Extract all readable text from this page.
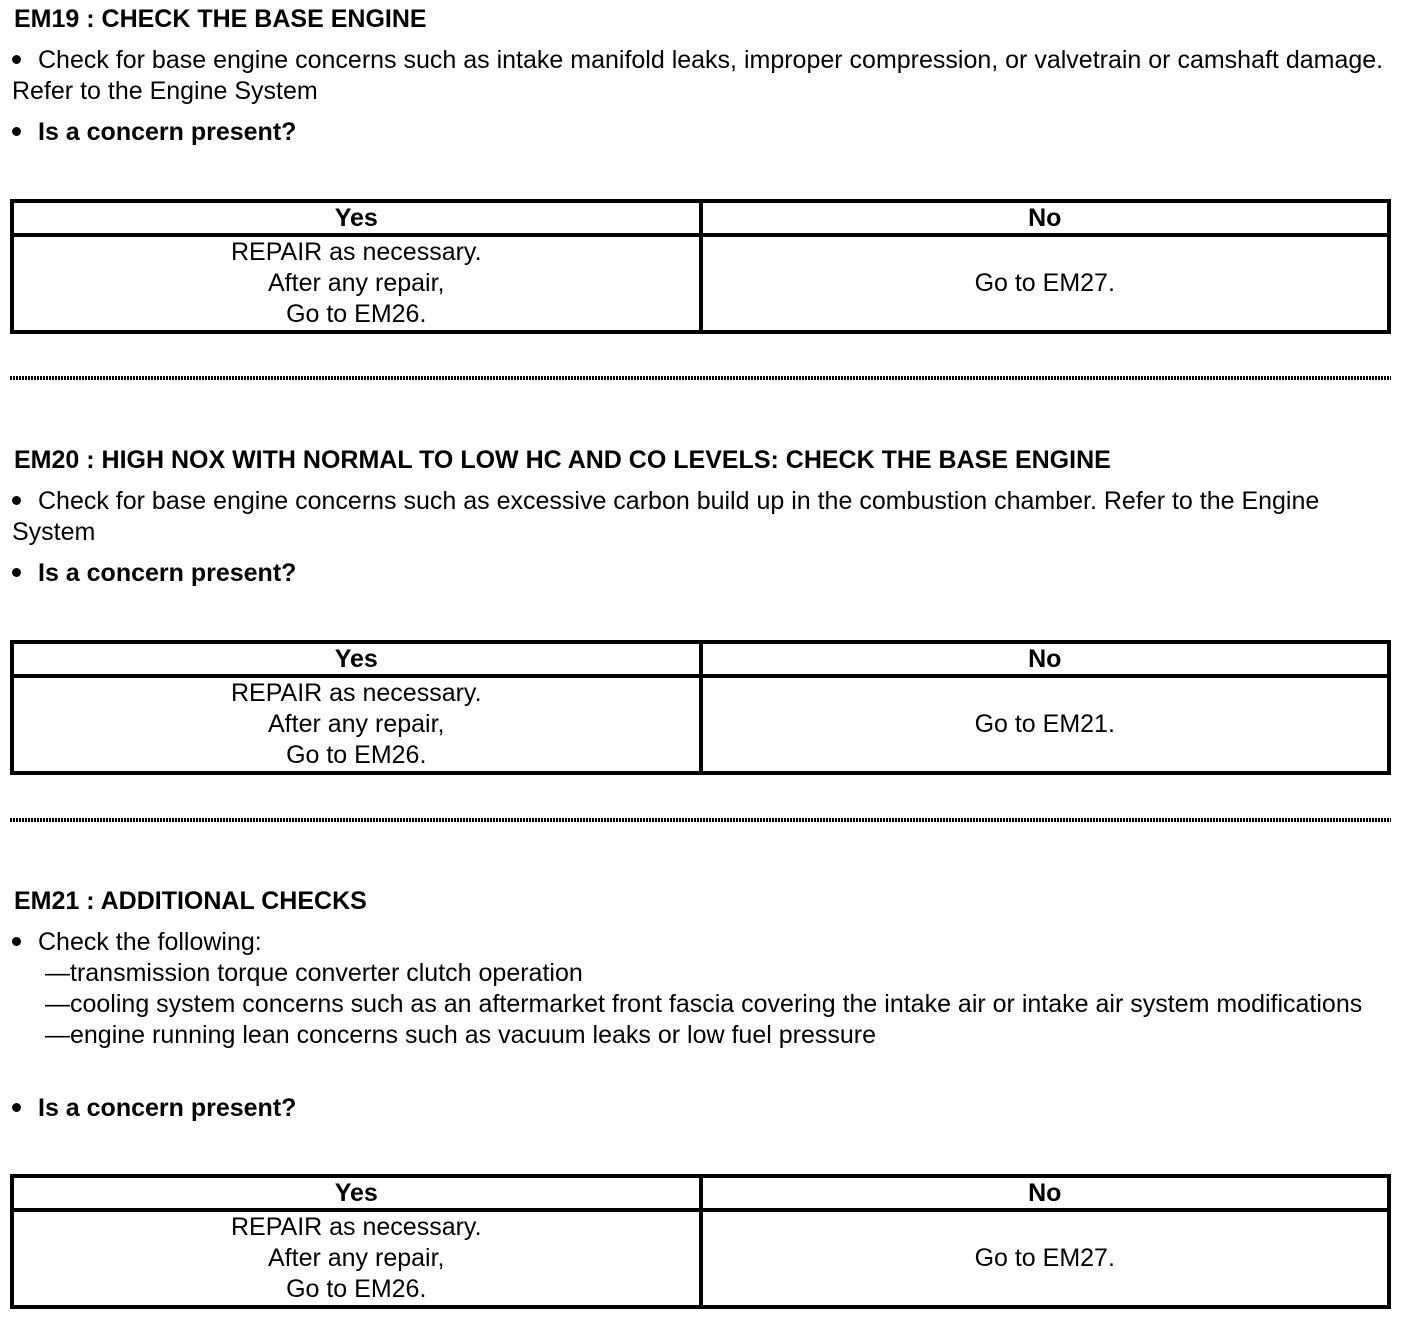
EM19 : CHECK THE BASE ENGINE
Check for base engine concerns such as intake manifold leaks, improper compression, or valvetrain or camshaft damage. Refer to the Engine System
Is a concern present?
Yes	No

REPAIR as necessary.
After any repair,
Go to EM26.	Go to EM27.
EM20 : HIGH NOX WITH NORMAL TO LOW HC AND CO LEVELS: CHECK THE BASE ENGINE
Check for base engine concerns such as excessive carbon build up in the combustion chamber. Refer to the Engine System
Is a concern present?
Yes	No

REPAIR as necessary.
After any repair,
Go to EM26.	Go to EM21.
EM21 : ADDITIONAL CHECKS
Check the following:
—transmission torque converter clutch operation
—cooling system concerns such as an aftermarket front fascia covering the intake air or intake air system modifications
—engine running lean concerns such as vacuum leaks or low fuel pressure
Is a concern present?
Yes	No

REPAIR as necessary.
After any repair,
Go to EM26.	Go to EM27.
